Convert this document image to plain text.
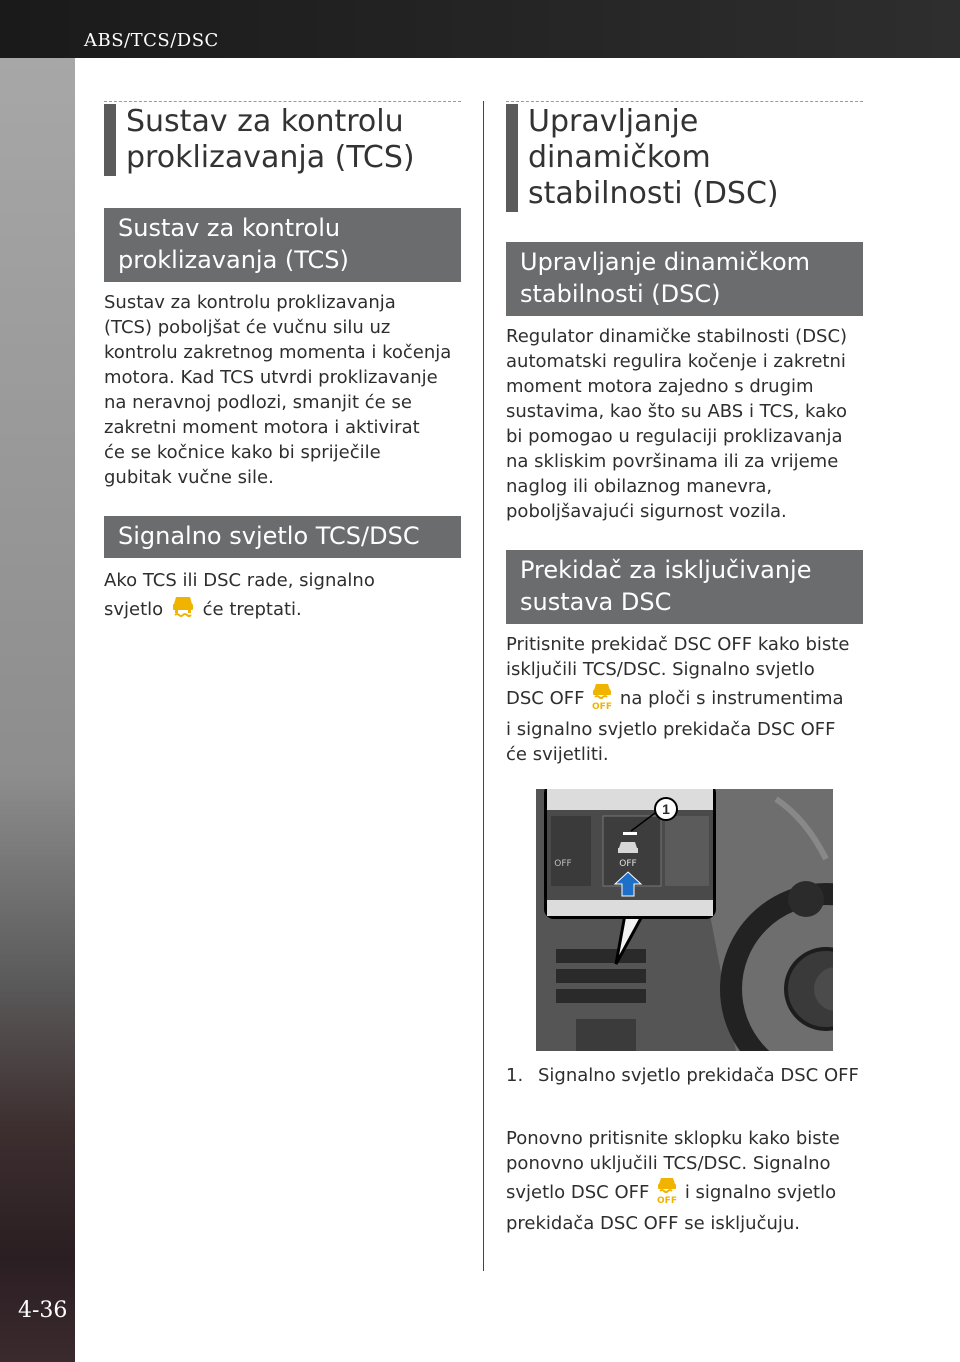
ABS/TCS/DSC
4-36
Sustav za kontrolu proklizavanja (TCS)
Sustav za kontrolu proklizavanja (TCS)
Sustav za kontrolu proklizavanja
(TCS) poboljšat će vučnu silu uz
kontrolu zakretnog momenta i kočenja
motora. Kad TCS utvrdi proklizavanje
na neravnoj podlozi, smanjit će se
zakretni moment motora i aktivirat
će se kočnice kako bi spriječile
gubitak vučne sile.
Signalno svjetlo TCS/DSC
Ako TCS ili DSC rade, signalno
svjetlo će treptati.
Upravljanje
dinamičkom
stabilnosti (DSC)
Upravljanje dinamičkom
stabilnosti (DSC)
Regulator dinamičke stabilnosti (DSC)
automatski regulira kočenje i zakretni
moment motora zajedno s drugim
sustavima, kao što su ABS i TCS, kako
bi pomogao u regulaciji proklizavanja
na skliskim površinama ili za vrijeme
naglog ili obilaznog manevra,
poboljšavajući sigurnost vozila.
Prekidač za isključivanje
sustava DSC
Pritisnite prekidač DSC OFF kako biste
isključili TCS/DSC. Signalno svjetlo
DSC OFF OFF na ploči s instrumentima
i signalno svjetlo prekidača DSC OFF
će svijetliti.
OFF
OFF
1
1. Signalno svjetlo prekidača DSC OFF
Ponovno pritisnite sklopku kako biste
ponovno uključili TCS/DSC. Signalno
svjetlo DSC OFF OFF i signalno svjetlo
prekidača DSC OFF se isključuju.
